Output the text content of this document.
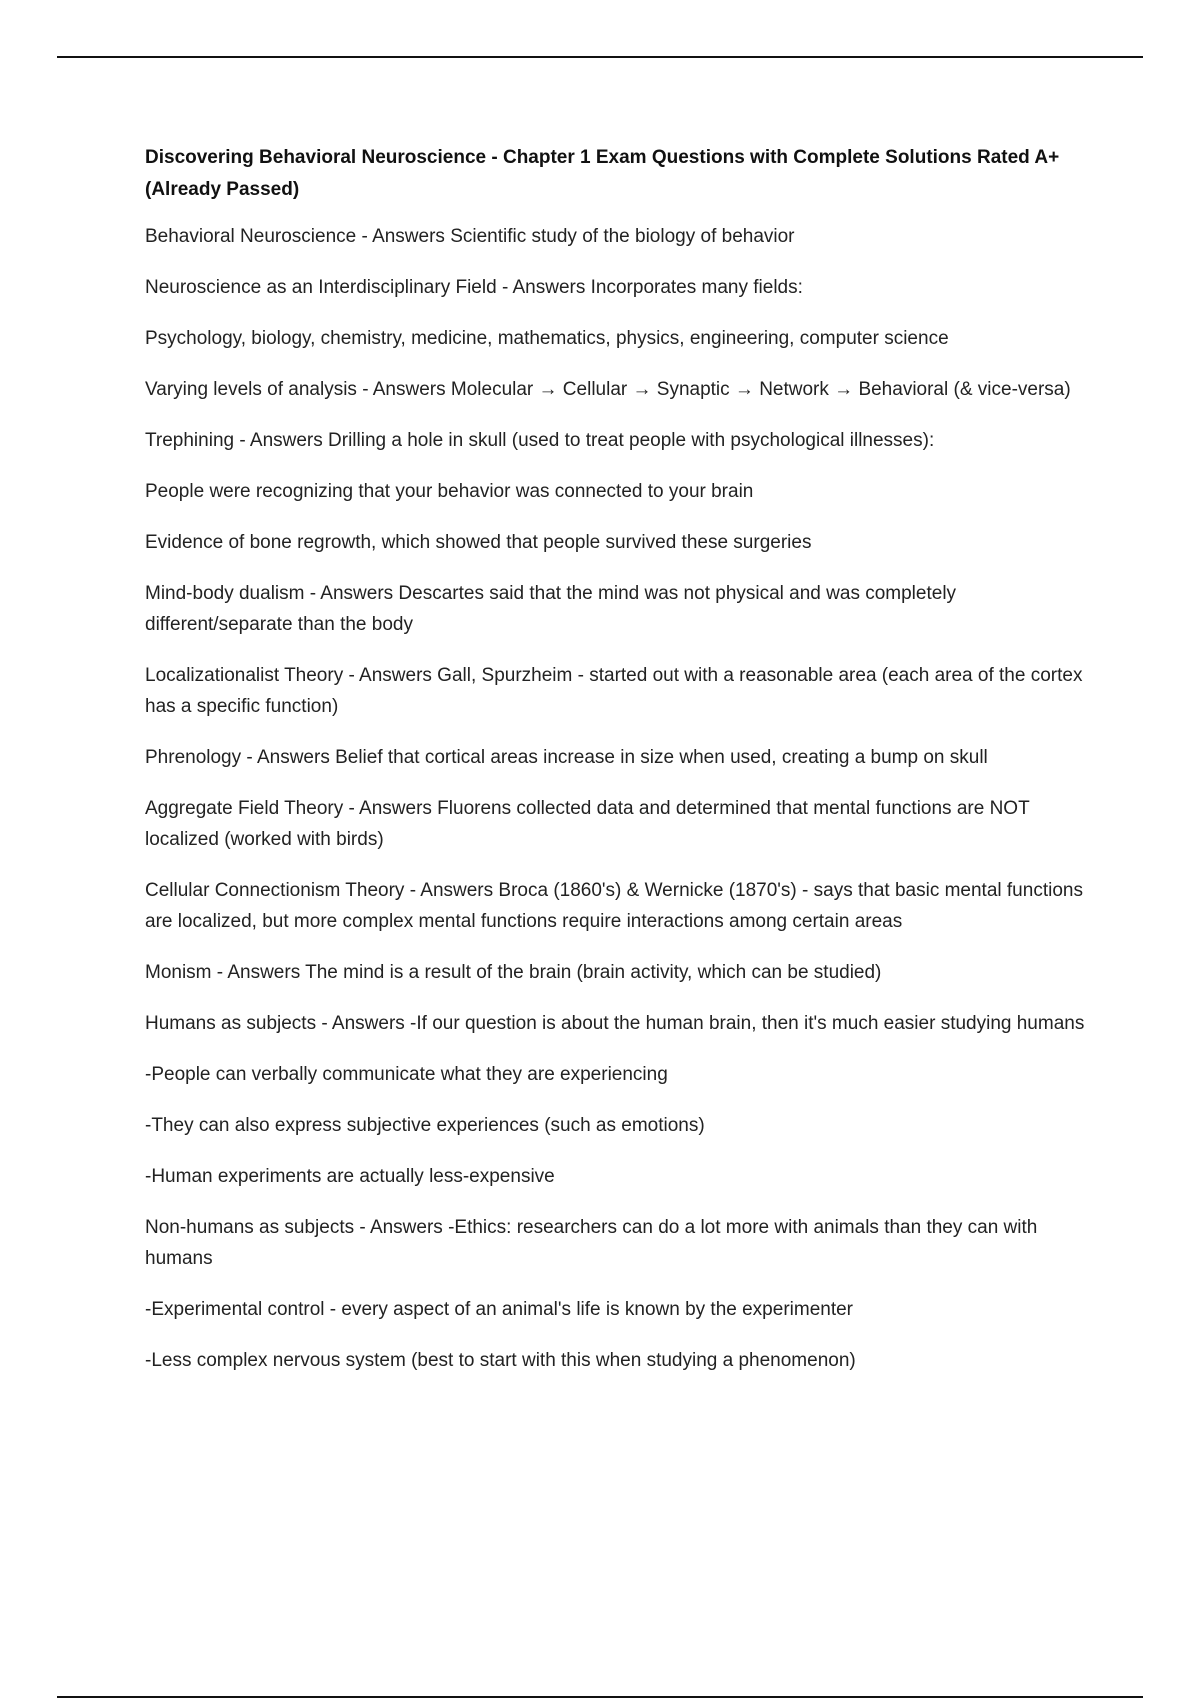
Discovering Behavioral Neuroscience - Chapter 1 Exam Questions with Complete Solutions Rated A+ (Already Passed)

Behavioral Neuroscience - Answers Scientific study of the biology of behavior

Neuroscience as an Interdisciplinary Field - Answers Incorporates many fields:

Psychology, biology, chemistry, medicine, mathematics, physics, engineering, computer science

Varying levels of analysis - Answers Molecular → Cellular → Synaptic → Network → Behavioral (& vice-versa)

Trephining - Answers Drilling a hole in skull (used to treat people with psychological illnesses):

People were recognizing that your behavior was connected to your brain

Evidence of bone regrowth, which showed that people survived these surgeries

Mind-body dualism - Answers Descartes said that the mind was not physical and was completely different/separate than the body

Localizationalist Theory - Answers Gall, Spurzheim - started out with a reasonable area (each area of the cortex has a specific function)

Phrenology - Answers Belief that cortical areas increase in size when used, creating a bump on skull

Aggregate Field Theory - Answers Fluorens collected data and determined that mental functions are NOT localized (worked with birds)

Cellular Connectionism Theory - Answers Broca (1860's) & Wernicke (1870's) - says that basic mental functions are localized, but more complex mental functions require interactions among certain areas

Monism - Answers The mind is a result of the brain (brain activity, which can be studied)

Humans as subjects - Answers -If our question is about the human brain, then it's much easier studying humans

-People can verbally communicate what they are experiencing

-They can also express subjective experiences (such as emotions)

-Human experiments are actually less-expensive

Non-humans as subjects - Answers -Ethics: researchers can do a lot more with animals than they can with humans

-Experimental control - every aspect of an animal's life is known by the experimenter

-Less complex nervous system (best to start with this when studying a phenomenon)
